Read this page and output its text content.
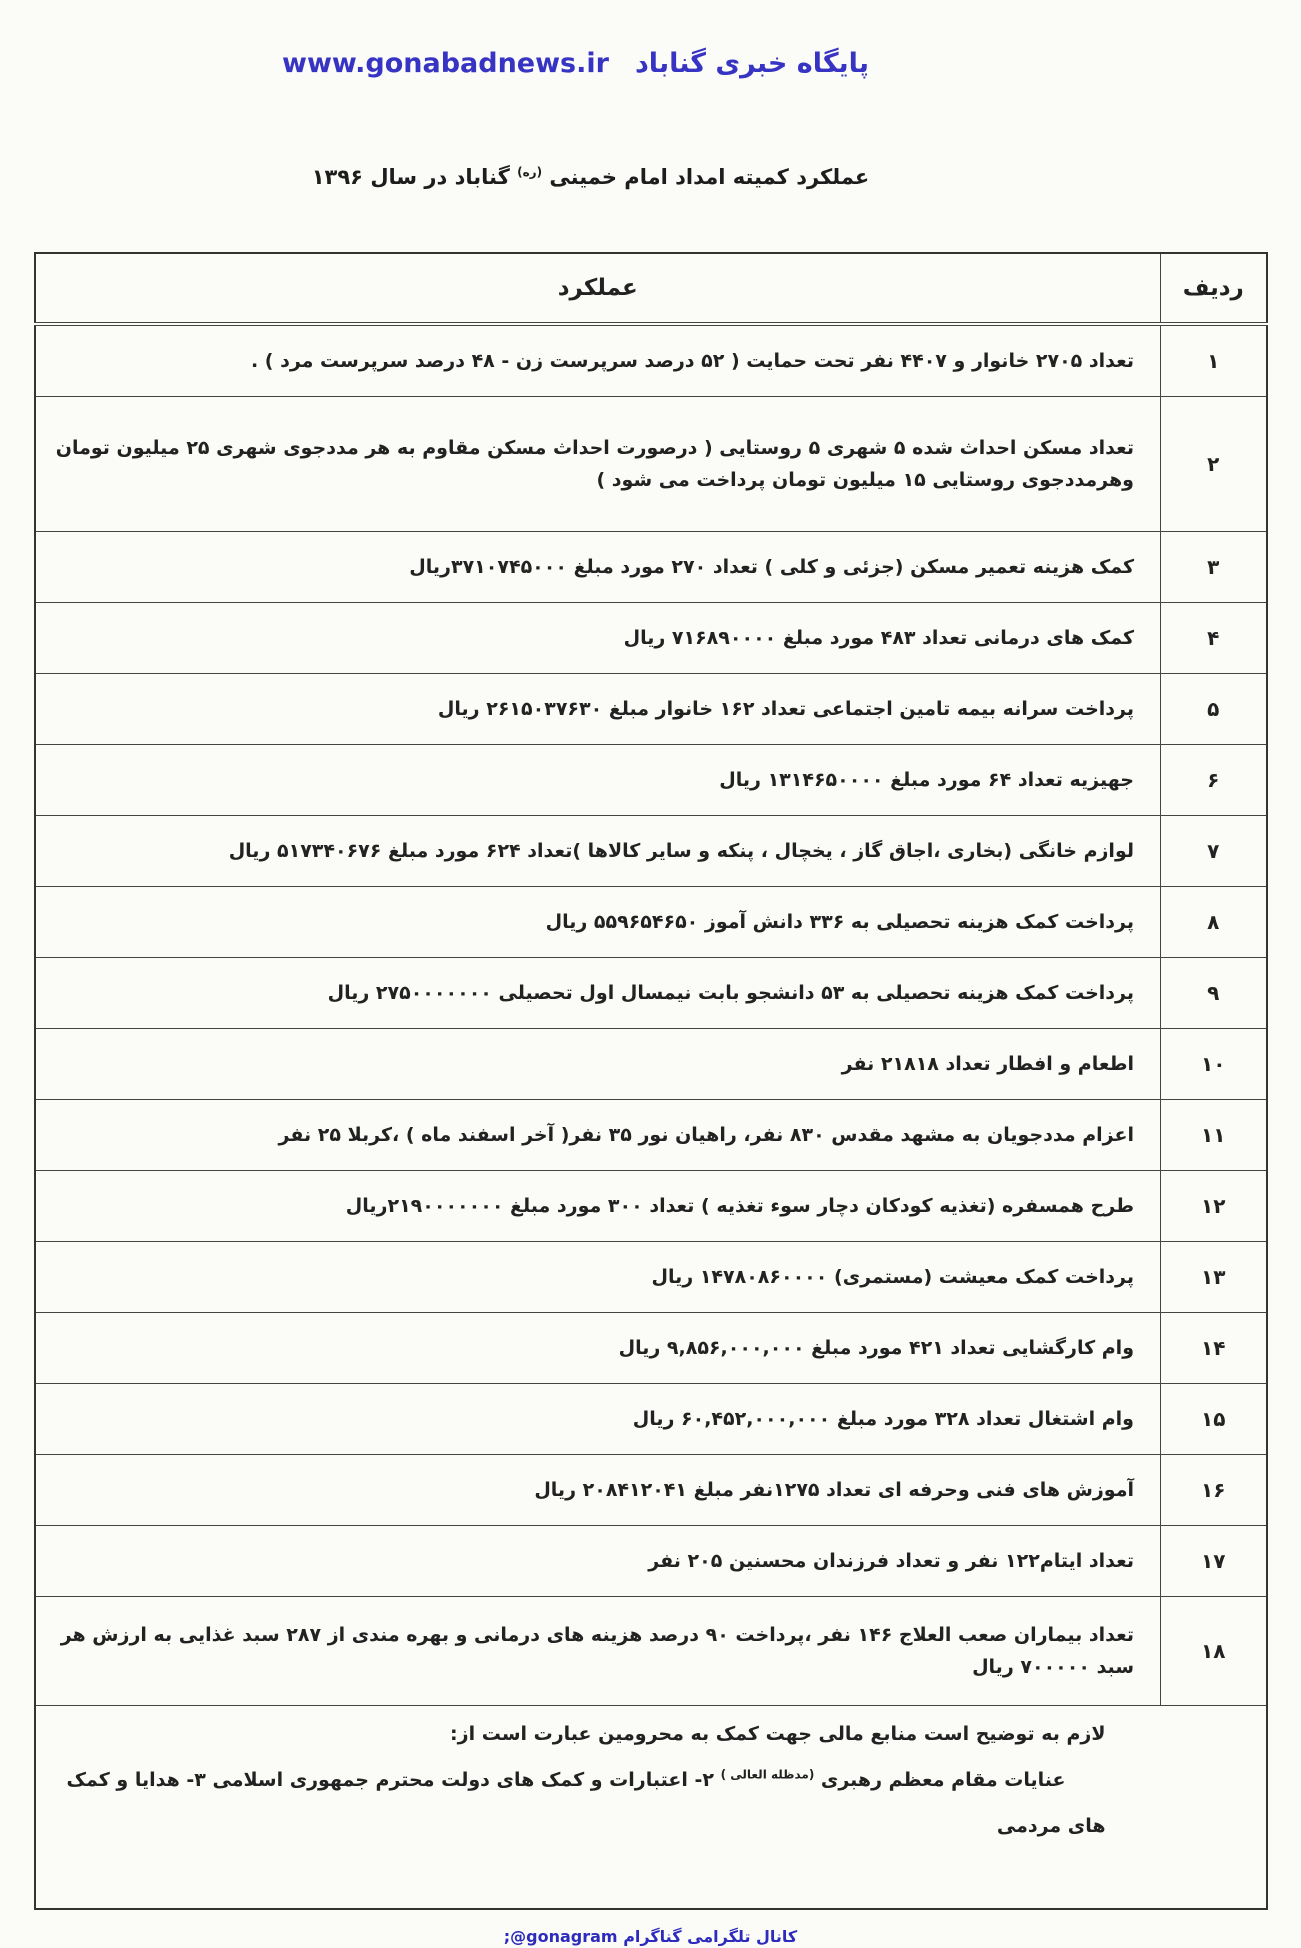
پایگاه خبری گنابادwww.gonabadnews.ir
عملکرد کمیته امداد امام خمینی $^{(ره)}$ گناباد در سال ۱۳۹۶
ردیف	عملکرد
۱	تعداد ۲۷۰۵ خانوار و ۴۴۰۷ نفر تحت حمایت ( ۵۲ درصد سرپرست زن - ۴۸ درصد سرپرست مرد ) .
۲	تعداد مسکن احداث شده ۵ شهری ۵ روستایی ( درصورت احداث مسکن مقاوم به هر مددجوی شهری ۲۵ میلیون تومان وهرمددجوی روستایی ۱۵ میلیون تومان پرداخت می شود )
۳	کمک هزینه تعمیر مسکن (جزئی و کلی ) تعداد ۲۷۰ مورد مبلغ ۳۷۱۰۷۴۵۰۰۰ریال
۴	کمک های درمانی تعداد ۴۸۳ مورد مبلغ ۷۱۶۸۹۰۰۰۰ ریال
۵	پرداخت سرانه بیمه تامین اجتماعی تعداد ۱۶۲ خانوار مبلغ ۲۶۱۵۰۳۷۶۳۰ ریال
۶	جهیزیه تعداد ۶۴ مورد مبلغ ۱۳۱۴۶۵۰۰۰۰ ریال
۷	لوازم خانگی (بخاری ،اجاق گاز ، یخچال ، پنکه و سایر کالاها )تعداد ۶۲۴ مورد مبلغ ۵۱۷۳۴۰۶۷۶ ریال
۸	پرداخت کمک هزینه تحصیلی به ۳۳۶ دانش آموز ۵۵۹۶۵۴۶۵۰ ریال
۹	پرداخت کمک هزینه تحصیلی به ۵۳ دانشجو بابت نیمسال اول تحصیلی ۲۷۵۰۰۰۰۰۰۰ ریال
۱۰	اطعام و افطار تعداد ۲۱۸۱۸ نفر
۱۱	اعزام مددجویان به مشهد مقدس ۸۳۰ نفر، راهیان نور ۳۵ نفر( آخر اسفند ماه ) ،کربلا ۲۵ نفر
۱۲	طرح همسفره (تغذیه کودکان دچار سوء تغذیه ) تعداد ۳۰۰ مورد مبلغ ۲۱۹۰۰۰۰۰۰۰ریال
۱۳	پرداخت کمک معیشت (مستمری) ۱۴۷۸۰۸۶۰۰۰۰ ریال
۱۴	وام کارگشایی تعداد ۴۲۱ مورد مبلغ ۹,۸۵۶,۰۰۰,۰۰۰ ریال
۱۵	وام اشتغال تعداد ۳۲۸ مورد مبلغ ۶۰,۴۵۲,۰۰۰,۰۰۰ ریال
۱۶	آموزش های فنی وحرفه ای تعداد ۱۲۷۵نفر مبلغ ۲۰۸۴۱۲۰۴۱ ریال
۱۷	تعداد ایتام۱۲۲ نفر و تعداد فرزندان محسنین ۲۰۵ نفر
۱۸	تعداد بیماران صعب العلاج ۱۴۶ نفر ،پرداخت ۹۰ درصد هزینه های درمانی و بهره مندی از ۲۸۷ سبد غذایی به ارزش هر سبد ۷۰۰۰۰۰ ریال

لازم به توضیح است منابع مالی جهت کمک به محرومین عبارت است از:
عنایات مقام معظم رهبری $^{(مدظله العالی )}$ ۲- اعتبارات و کمک های دولت محترم جمهوری اسلامی ۳- هدایا و کمک
های مردمی	
کانال تلگرامی گناگرام @gonagram;
